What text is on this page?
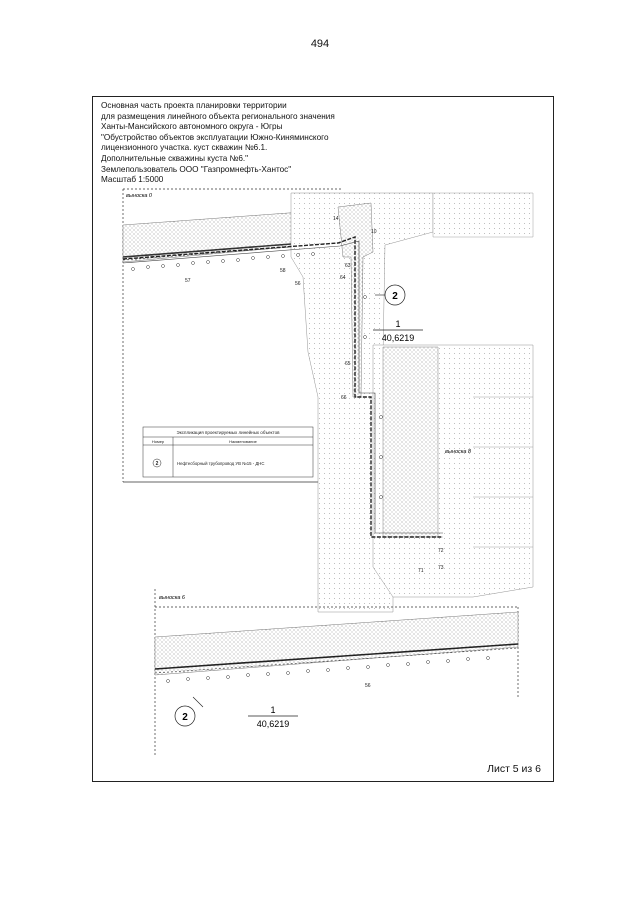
494
выноска 0
выноска 8
выноска 6
14
10
58
57	56
63
64
65
66
71
72
73
56
2
1
40,6219
2
1
40,6219
Экспликация проектируемых линейных объектов
Номер	Наименование
2	Нефтесборный трубопровод УВ №15 - ДНС
Основная часть проекта планировки территории
для размещения линейного объекта регионального значения
Ханты-Мансийского автономного округа - Югры
"Обустройство объектов эксплуатации Южно-Киняминского
лицензионного участка. куст скважин №6.1.
Дополнительные скважины куста №6."
Землепользователь ООО "Газпромнефть-Хантос"
Масштаб 1:5000
Лист 5 из 6
